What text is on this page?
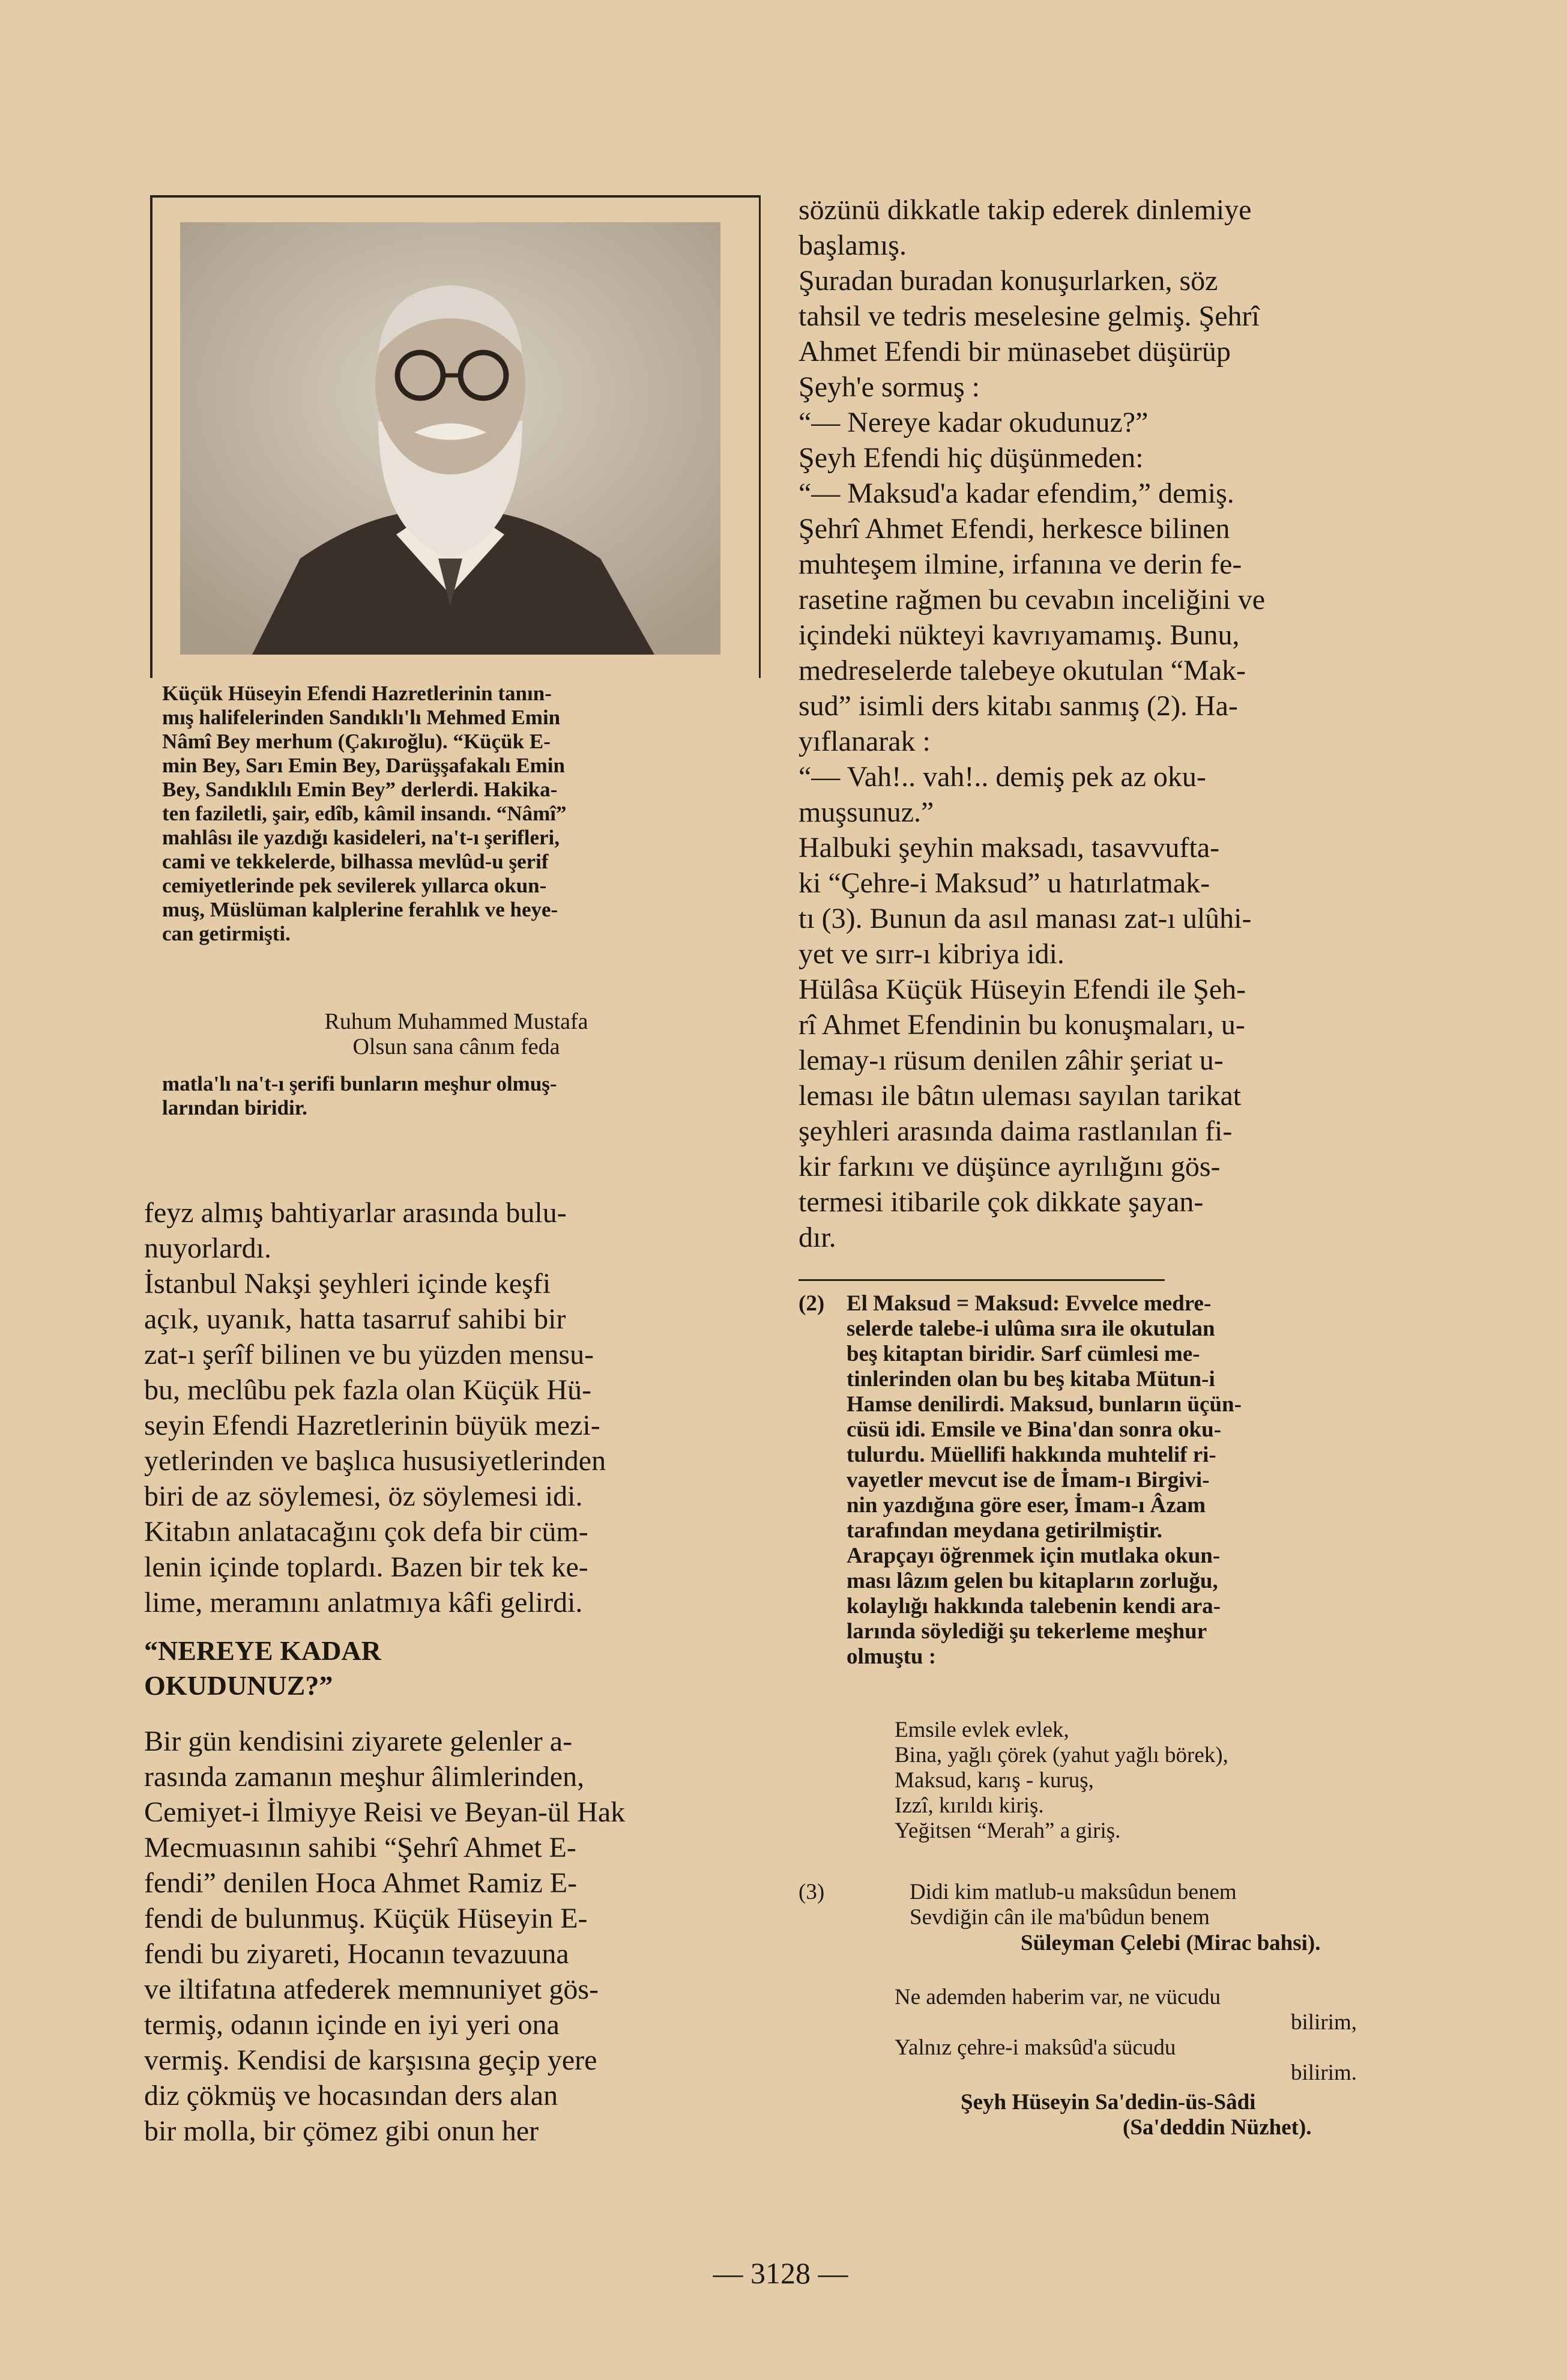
Küçük Hüseyin Efendi Hazretlerinin tanın-
mış halifelerinden Sandıklı'lı Mehmed Emin
Nâmî Bey merhum (Çakıroğlu). “Küçük E-
min Bey, Sarı Emin Bey, Darüşşafakalı Emin
Bey, Sandıklılı Emin Bey” derlerdi. Hakika-
ten faziletli, şair, edîb, kâmil insandı. “Nâmî”
mahlâsı ile yazdığı kasideleri, na't-ı şerifleri,
cami ve tekkelerde, bilhassa mevlûd-u şerif
cemiyetlerinde pek sevilerek yıllarca okun-
muş, Müslüman kalplerine ferahlık ve heye-
can getirmişti.
Ruhum Muhammed Mustafa
Olsun sana cânım feda
matla'lı na't-ı şerifi bunların meşhur olmuş-
larından biridir.
feyz almış bahtiyarlar arasında bulu-
nuyorlardı.
İstanbul Nakşi şeyhleri içinde keşfi
açık, uyanık, hatta tasarruf sahibi bir
zat-ı şerîf bilinen ve bu yüzden mensu-
bu, meclûbu pek fazla olan Küçük Hü-
seyin Efendi Hazretlerinin büyük mezi-
yetlerinden ve başlıca hususiyetlerinden
biri de az söylemesi, öz söylemesi idi.
Kitabın anlatacağını çok defa bir cüm-
lenin içinde toplardı. Bazen bir tek ke-
lime, meramını anlatmıya kâfi gelirdi.
“NEREYE KADAR
OKUDUNUZ?”
Bir gün kendisini ziyarete gelenler a-
rasında zamanın meşhur âlimlerinden,
Cemiyet-i İlmiyye Reisi ve Beyan-ül Hak
Mecmuasının sahibi “Şehrî Ahmet E-
fendi” denilen Hoca Ahmet Ramiz E-
fendi de bulunmuş. Küçük Hüseyin E-
fendi bu ziyareti, Hocanın tevazuuna
ve iltifatına atfederek memnuniyet gös-
termiş, odanın içinde en iyi yeri ona
vermiş. Kendisi de karşısına geçip yere
diz çökmüş ve hocasından ders alan
bir molla, bir çömez gibi onun her
sözünü dikkatle takip ederek dinlemiye
başlamış.
Şuradan buradan konuşurlarken, söz
tahsil ve tedris meselesine gelmiş. Şehrî
Ahmet Efendi bir münasebet düşürüp
Şeyh'e sormuş :
“— Nereye kadar okudunuz?”
Şeyh Efendi hiç düşünmeden:
“— Maksud'a kadar efendim,” demiş.
Şehrî Ahmet Efendi, herkesce bilinen
muhteşem ilmine, irfanına ve derin fe-
rasetine rağmen bu cevabın inceliğini ve
içindeki nükteyi kavrıyamamış. Bunu,
medreselerde talebeye okutulan “Mak-
sud” isimli ders kitabı sanmış (2). Ha-
yıflanarak :
“— Vah!.. vah!.. demiş pek az oku-
muşsunuz.”
Halbuki şeyhin maksadı, tasavvufta-
ki “Çehre-i Maksud” u hatırlatmak-
tı (3). Bunun da asıl manası zat-ı ulûhi-
yet ve sırr-ı kibriya idi.
Hülâsa Küçük Hüseyin Efendi ile Şeh-
rî Ahmet Efendinin bu konuşmaları, u-
lemay-ı rüsum denilen zâhir şeriat u-
leması ile bâtın uleması sayılan tarikat
şeyhleri arasında daima rastlanılan fi-
kir farkını ve düşünce ayrılığını gös-
termesi itibarile çok dikkate şayan-
dır.
(2) El Maksud = Maksud: Evvelce medre-
selerde talebe-i ulûma sıra ile okutulan
beş kitaptan biridir. Sarf cümlesi me-
tinlerinden olan bu beş kitaba Mütun-i
Hamse denilirdi. Maksud, bunların üçün-
cüsü idi. Emsile ve Bina'dan sonra oku-
tulurdu. Müellifi hakkında muhtelif ri-
vayetler mevcut ise de İmam-ı Birgivi-
nin yazdığına göre eser, İmam-ı Âzam
tarafından meydana getirilmiştir.
Arapçayı öğrenmek için mutlaka okun-
ması lâzım gelen bu kitapların zorluğu,
kolaylığı hakkında talebenin kendi ara-
larında söylediği şu tekerleme meşhur
olmuştu :
Emsile evlek evlek,
Bina, yağlı çörek (yahut yağlı börek),
Maksud, karış - kuruş,
Izzî, kırıldı kiriş.
Yeğitsen “Merah” a giriş.
(3)	Didi kim matlub-u maksûdun benem
Sevdiğin cân ile ma'bûdun benem
Süleyman Çelebi (Mirac bahsi).
Ne ademden haberim var, ne vücudu
bilirim,
Yalnız çehre-i maksûd'a sücudu
bilirim.
Şeyh Hüseyin Sa'dedin-üs-Sâdi
(Sa'deddin Nüzhet).
— 3128 —
